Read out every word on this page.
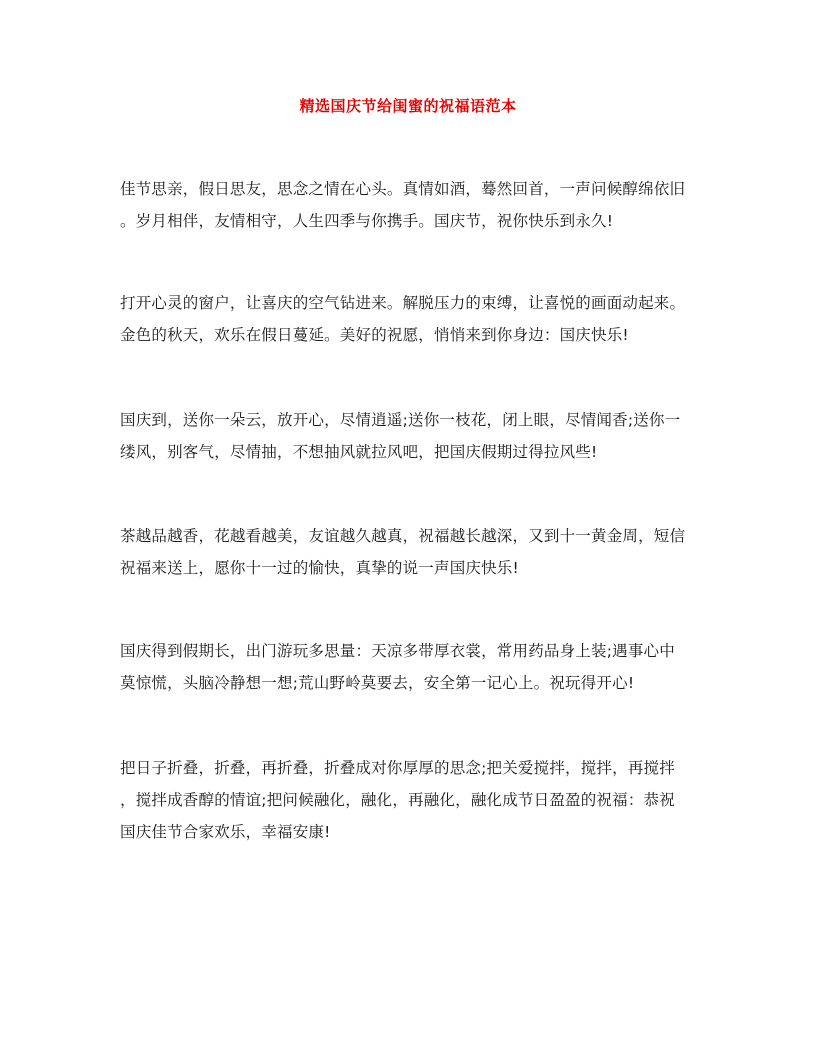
精选国庆节给闺蜜的祝福语范本
佳节思亲，假日思友，思念之情在心头。真情如酒，蓦然回首，一声问候醇绵依旧
。岁月相伴，友情相守，人生四季与你携手。国庆节，祝你快乐到永久!
打开心灵的窗户，让喜庆的空气钻进来。解脱压力的束缚，让喜悦的画面动起来。
金色的秋天，欢乐在假日蔓延。美好的祝愿，悄悄来到你身边：国庆快乐!
国庆到，送你一朵云，放开心，尽情逍遥;送你一枝花，闭上眼，尽情闻香;送你一
缕风，别客气，尽情抽，不想抽风就拉风吧，把国庆假期过得拉风些!
茶越品越香，花越看越美，友谊越久越真，祝福越长越深，又到十一黄金周，短信
祝福来送上，愿你十一过的愉快，真挚的说一声国庆快乐!
国庆得到假期长，出门游玩多思量：天凉多带厚衣裳，常用药品身上装;遇事心中
莫惊慌，头脑冷静想一想;荒山野岭莫要去，安全第一记心上。祝玩得开心!
把日子折叠，折叠，再折叠，折叠成对你厚厚的思念;把关爱搅拌，搅拌，再搅拌
，搅拌成香醇的情谊;把问候融化，融化，再融化，融化成节日盈盈的祝福：恭祝
国庆佳节合家欢乐，幸福安康!
